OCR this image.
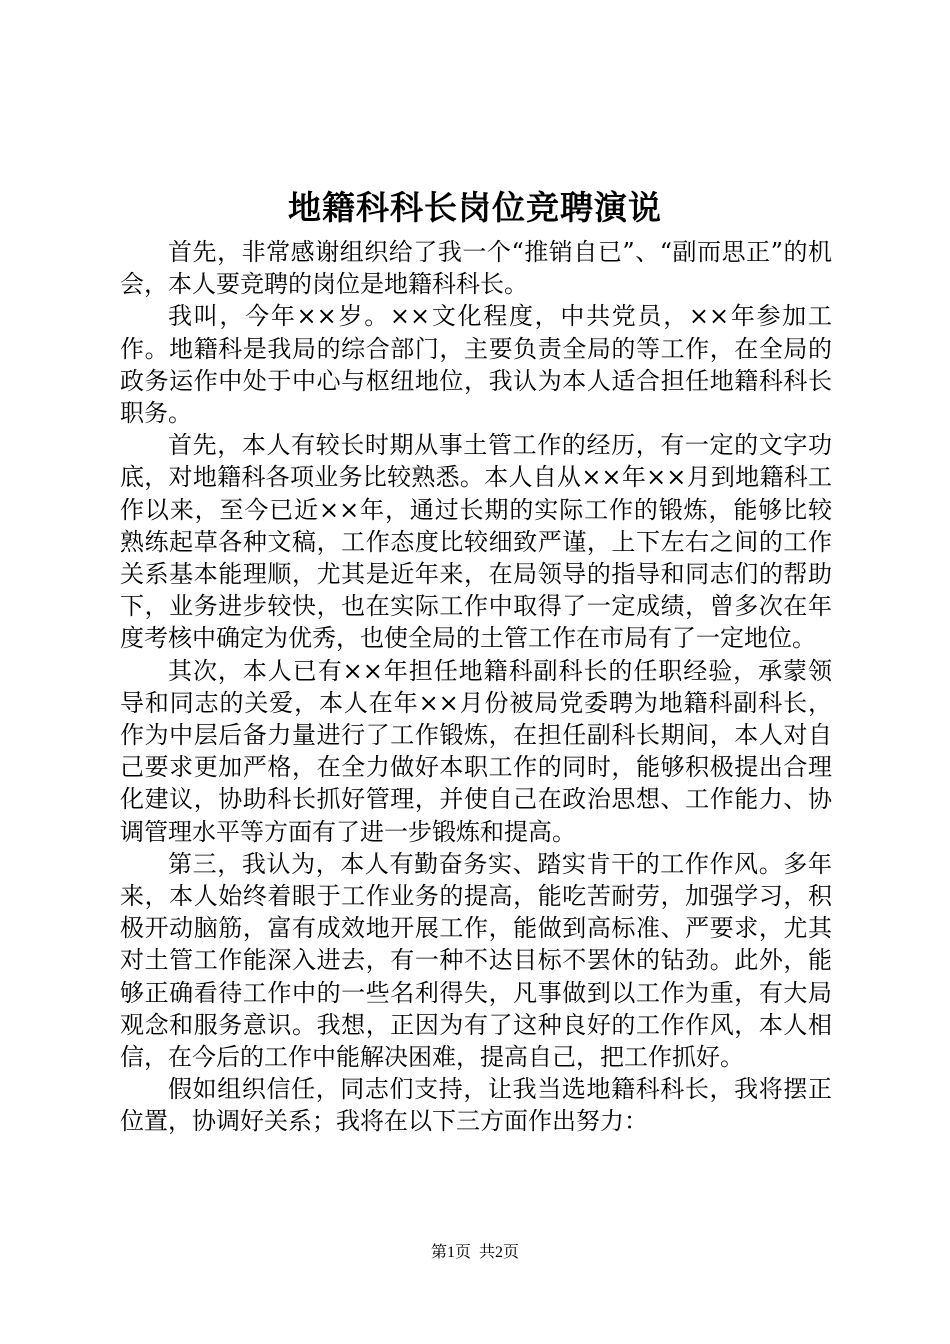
地籍科科长岗位竞聘演说

首先，非常感谢组织给了我一个“推销自已”、“副而思正”的机会，本人要竞聘的岗位是地籍科科长。

我叫，今年××岁。××文化程度，中共党员，××年参加工作。地籍科是我局的综合部门，主要负责全局的等工作，在全局的政务运作中处于中心与枢纽地位，我认为本人适合担任地籍科科长职务。

首先，本人有较长时期从事土管工作的经历，有一定的文字功底，对地籍科各项业务比较熟悉。本人自从××年××月到地籍科工作以来，至今已近××年，通过长期的实际工作的锻炼，能够比较熟练起草各种文稿，工作态度比较细致严谨，上下左右之间的工作关系基本能理顺，尤其是近年来，在局领导的指导和同志们的帮助下，业务进步较快，也在实际工作中取得了一定成绩，曾多次在年度考核中确定为优秀，也使全局的土管工作在市局有了一定地位。

其次，本人已有××年担任地籍科副科长的任职经验，承蒙领导和同志的关爱，本人在年××月份被局党委聘为地籍科副科长，作为中层后备力量进行了工作锻炼，在担任副科长期间，本人对自己要求更加严格，在全力做好本职工作的同时，能够积极提出合理化建议，协助科长抓好管理，并使自己在政治思想、工作能力、协调管理水平等方面有了进一步锻炼和提高。

第三，我认为，本人有勤奋务实、踏实肯干的工作作风。多年来，本人始终着眼于工作业务的提高，能吃苦耐劳，加强学习，积极开动脑筋，富有成效地开展工作，能做到高标准、严要求，尤其对土管工作能深入进去，有一种不达目标不罢休的钻劲。此外，能够正确看待工作中的一些名利得失，凡事做到以工作为重，有大局观念和服务意识。我想，正因为有了这种良好的工作作风，本人相信，在今后的工作中能解决困难，提高自己，把工作抓好。

假如组织信任，同志们支持，让我当选地籍科科长，我将摆正位置，协调好关系；我将在以下三方面作出努力：

第1页 共2页
